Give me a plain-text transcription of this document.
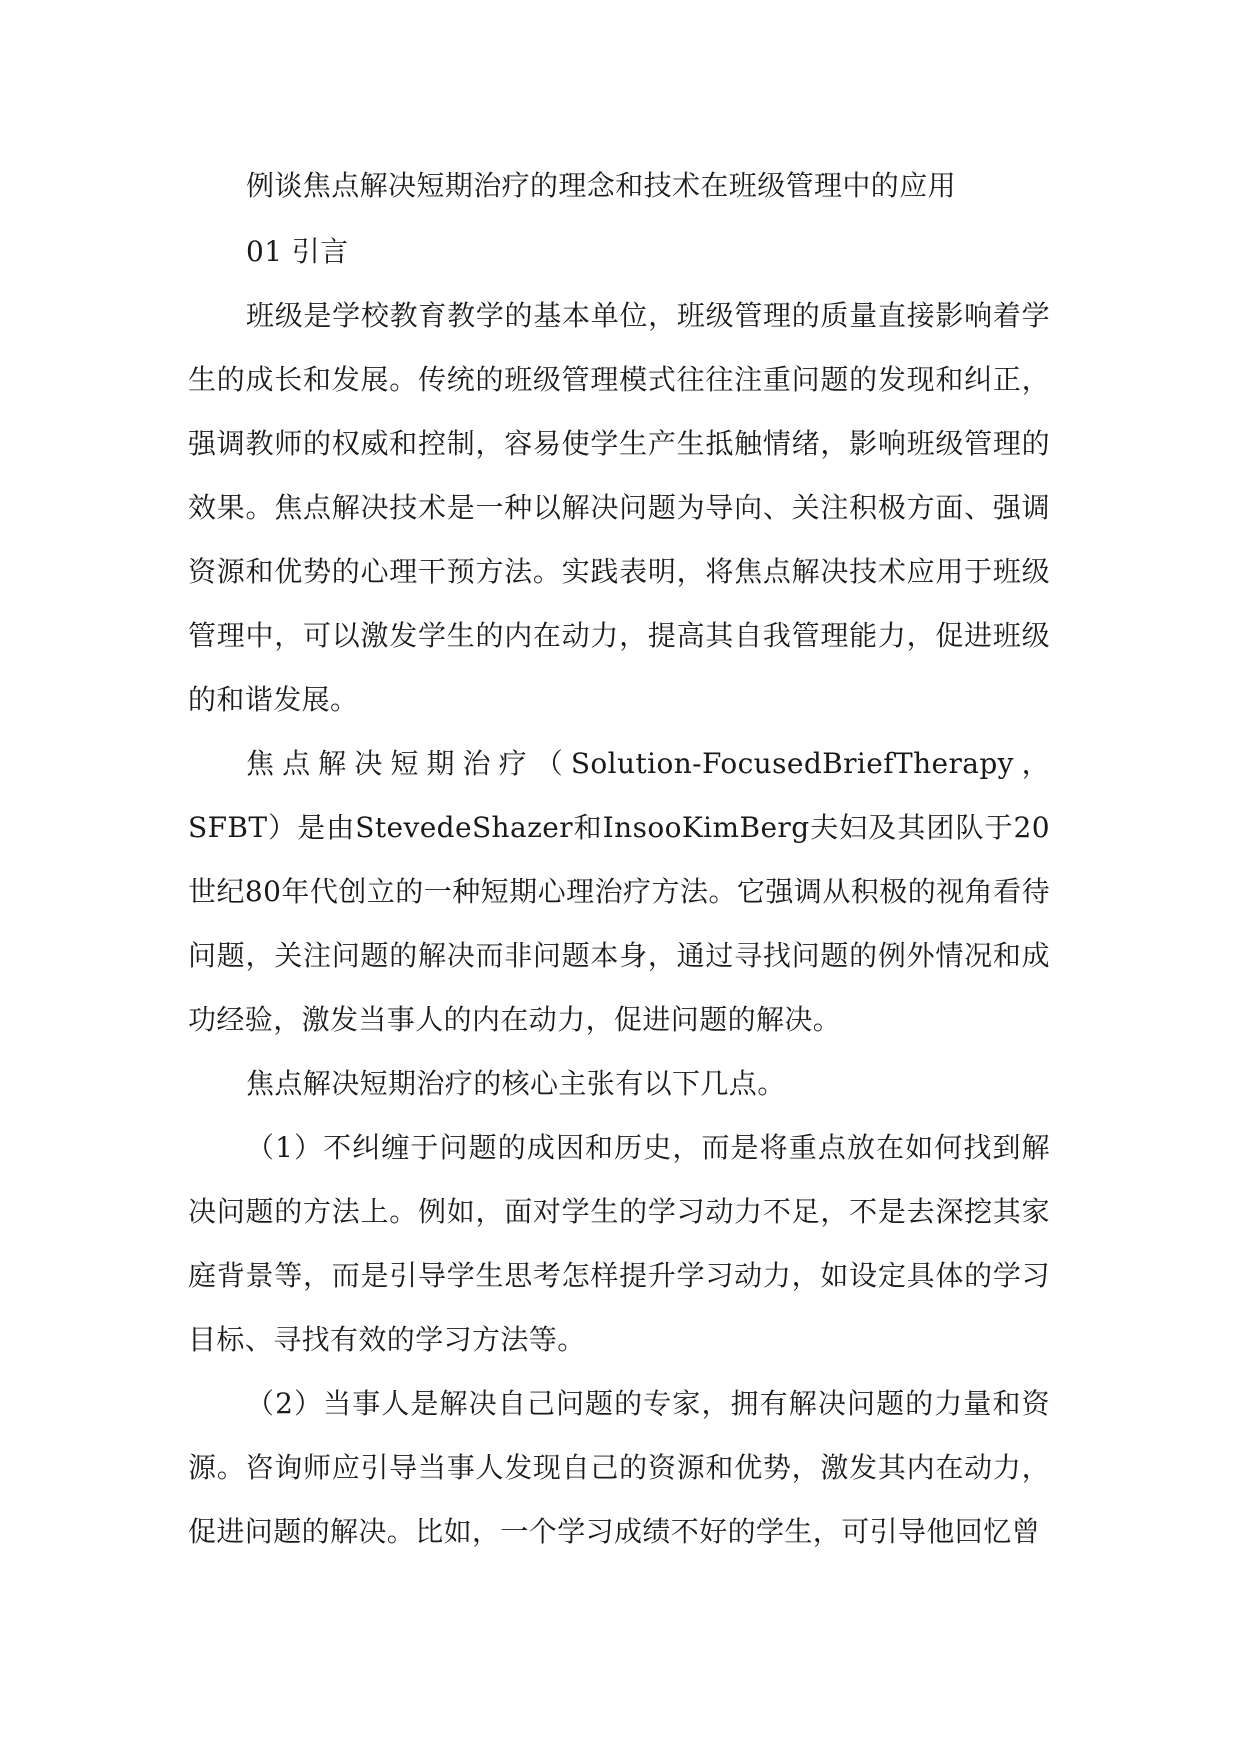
例谈焦点解决短期治疗的理念和技术在班级管理中的应用

01 引言

班级是学校教育教学的基本单位，班级管理的质量直接影响着学生的成长和发展。传统的班级管理模式往往注重问题的发现和纠正，强调教师的权威和控制，容易使学生产生抵触情绪，影响班级管理的效果。焦点解决技术是一种以解决问题为导向、关注积极方面、强调资源和优势的心理干预方法。实践表明，将焦点解决技术应用于班级管理中，可以激发学生的内在动力，提高其自我管理能力，促进班级的和谐发展。

焦点解决短期治疗（Solution-FocusedBriefTherapy，SFBT）是由StevedeShazer和InsooKimBerg夫妇及其团队于20世纪80年代创立的一种短期心理治疗方法。它强调从积极的视角看待问题，关注问题的解决而非问题本身，通过寻找问题的例外情况和成功经验，激发当事人的内在动力，促进问题的解决。

焦点解决短期治疗的核心主张有以下几点。

（1）不纠缠于问题的成因和历史，而是将重点放在如何找到解决问题的方法上。例如，面对学生的学习动力不足，不是去深挖其家庭背景等，而是引导学生思考怎样提升学习动力，如设定具体的学习目标、寻找有效的学习方法等。

（2）当事人是解决自己问题的专家，拥有解决问题的力量和资源。咨询师应引导当事人发现自己的资源和优势，激发其内在动力，促进问题的解决。比如，一个学习成绩不好的学生，可引导他回忆曾
